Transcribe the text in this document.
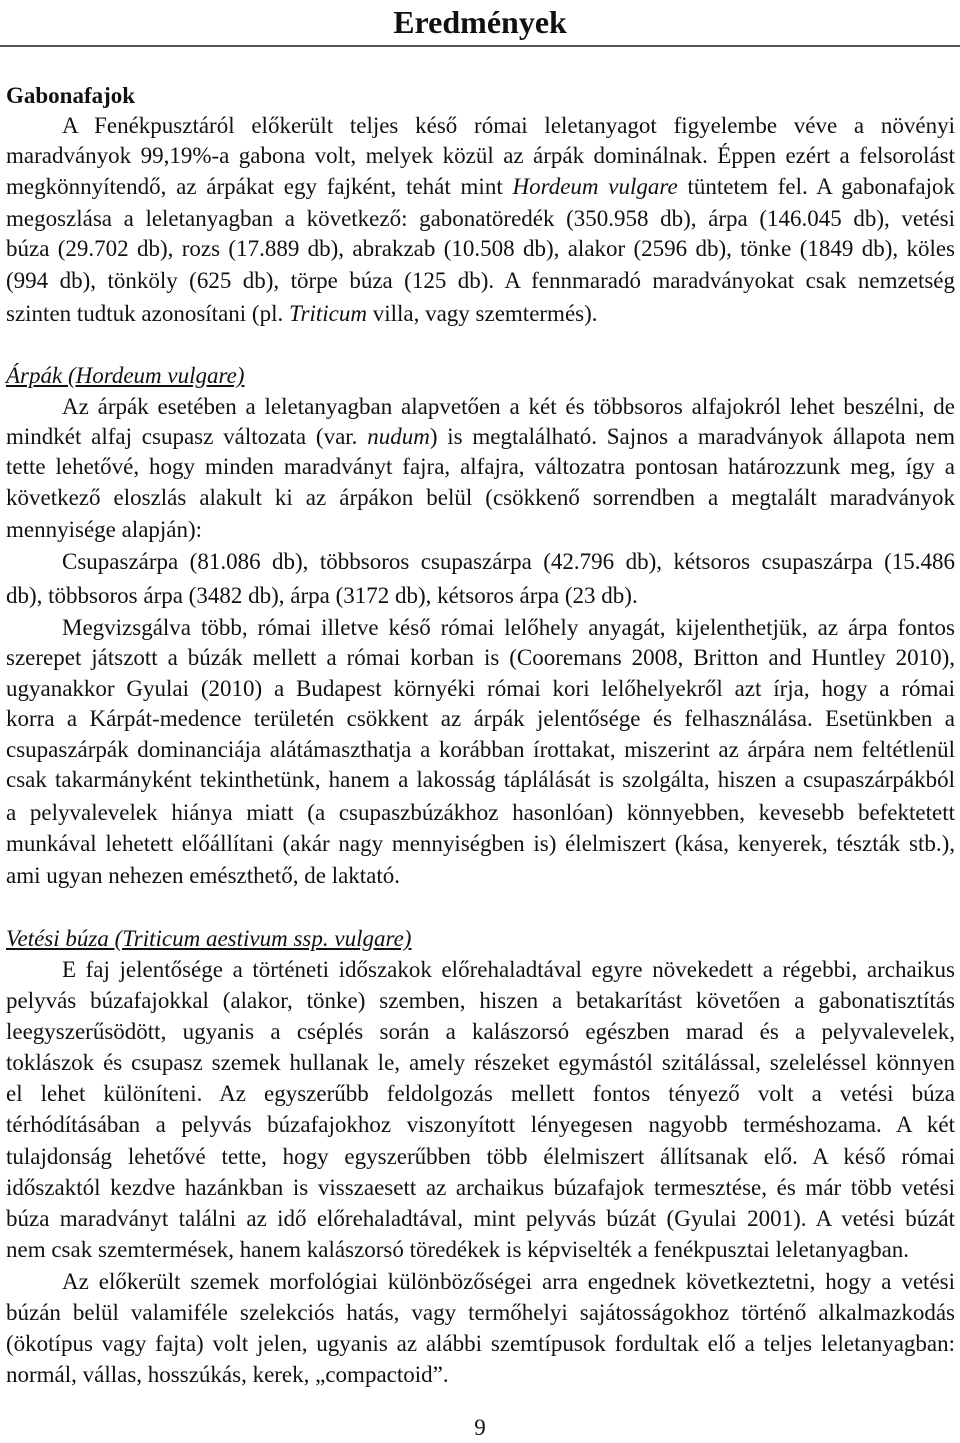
Eredmények
Gabonafajok
A Fenékpusztáról előkerült teljes késő római leletanyagot figyelembe véve a növényi
maradványok 99,19%-a gabona volt, melyek közül az árpák dominálnak. Éppen ezért a felsorolást
megkönnyítendő, az árpákat egy fajként, tehát mint Hordeum vulgare tüntetem fel. A gabonafajok
megoszlása a leletanyagban a következő: gabonatöredék (350.958 db), árpa (146.045 db), vetési
búza (29.702 db), rozs (17.889 db), abrakzab (10.508 db), alakor (2596 db), tönke (1849 db), köles
(994 db), tönköly (625 db), törpe búza (125 db). A fennmaradó maradványokat csak nemzetség
szinten tudtuk azonosítani (pl. Triticum villa, vagy szemtermés).
Árpák (Hordeum vulgare)
Az árpák esetében a leletanyagban alapvetően a két és többsoros alfajokról lehet beszélni, de
mindkét alfaj csupasz változata (var. nudum) is megtalálható. Sajnos a maradványok állapota nem
tette lehetővé, hogy minden maradványt fajra, alfajra, változatra pontosan határozzunk meg, így a
következő eloszlás alakult ki az árpákon belül (csökkenő sorrendben a megtalált maradványok
mennyisége alapján):
Csupaszárpa (81.086 db), többsoros csupaszárpa (42.796 db), kétsoros csupaszárpa (15.486
db), többsoros árpa (3482 db), árpa (3172 db), kétsoros árpa (23 db).
Megvizsgálva több, római illetve késő római lelőhely anyagát, kijelenthetjük, az árpa fontos
szerepet játszott a búzák mellett a római korban is (Cooremans 2008, Britton and Huntley 2010),
ugyanakkor Gyulai (2010) a Budapest környéki római kori lelőhelyekről azt írja, hogy a római
korra a Kárpát-medence területén csökkent az árpák jelentősége és felhasználása. Esetünkben a
csupaszárpák dominanciája alátámaszthatja a korábban írottakat, miszerint az árpára nem feltétlenül
csak takarmányként tekinthetünk, hanem a lakosság táplálását is szolgálta, hiszen a csupaszárpákból
a pelyvalevelek hiánya miatt (a csupaszbúzákhoz hasonlóan) könnyebben, kevesebb befektetett
munkával lehetett előállítani (akár nagy mennyiségben is) élelmiszert (kása, kenyerek, tészták stb.),
ami ugyan nehezen emészthető, de laktató.
Vetési búza (Triticum aestivum ssp. vulgare)
E faj jelentősége a történeti időszakok előrehaladtával egyre növekedett a régebbi, archaikus
pelyvás búzafajokkal (alakor, tönke) szemben, hiszen a betakarítást követően a gabonatisztítás
leegyszerűsödött, ugyanis a cséplés során a kalászorsó egészben marad és a pelyvalevelek,
toklászok és csupasz szemek hullanak le, amely részeket egymástól szitálással, szeleléssel könnyen
el lehet különíteni. Az egyszerűbb feldolgozás mellett fontos tényező volt a vetési búza
térhódításában a pelyvás búzafajokhoz viszonyított lényegesen nagyobb terméshozama. A két
tulajdonság lehetővé tette, hogy egyszerűbben több élelmiszert állítsanak elő. A késő római
időszaktól kezdve hazánkban is visszaesett az archaikus búzafajok termesztése, és már több vetési
búza maradványt találni az idő előrehaladtával, mint pelyvás búzát (Gyulai 2001). A vetési búzát
nem csak szemtermések, hanem kalászorsó töredékek is képviselték a fenékpusztai leletanyagban.
Az előkerült szemek morfológiai különbözőségei arra engednek következtetni, hogy a vetési
búzán belül valamiféle szelekciós hatás, vagy termőhelyi sajátosságokhoz történő alkalmazkodás
(ökotípus vagy fajta) volt jelen, ugyanis az alábbi szemtípusok fordultak elő a teljes leletanyagban:
normál, vállas, hosszúkás, kerek, „compactoid”.
9
